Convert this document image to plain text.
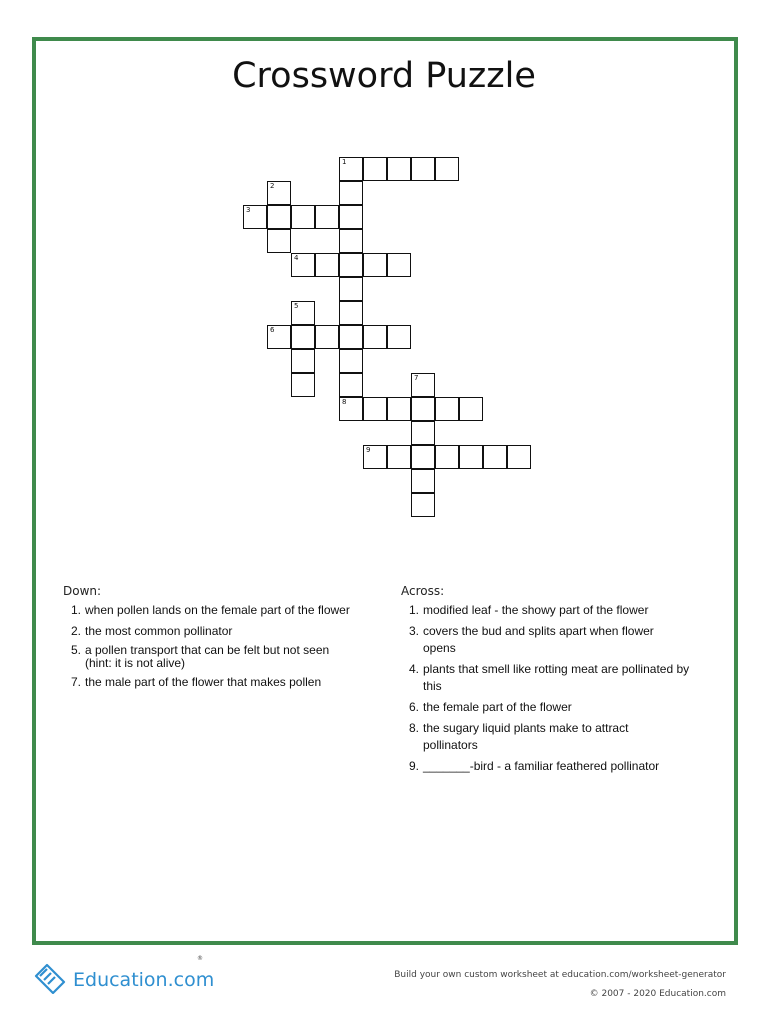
Crossword Puzzle
1
3
4
6
8
9
2
5
7
Down:
1. when pollen lands on the female part of the flower
2. the most common pollinator
5. a pollen transport that can be felt but not seen (hint: it is not alive)
7. the male part of the flower that makes pollen
Across:
1. modified leaf - the showy part of the flower
3. covers the bud and splits apart when flower opens
4. plants that smell like rotting meat are pollinated by this
6. the female part of the flower
8. the sugary liquid plants make to attract pollinators
9. _______-bird - a familiar feathered pollinator
Education.com
®
Build your own custom worksheet at education.com/worksheet-generator
© 2007 - 2020 Education.com
